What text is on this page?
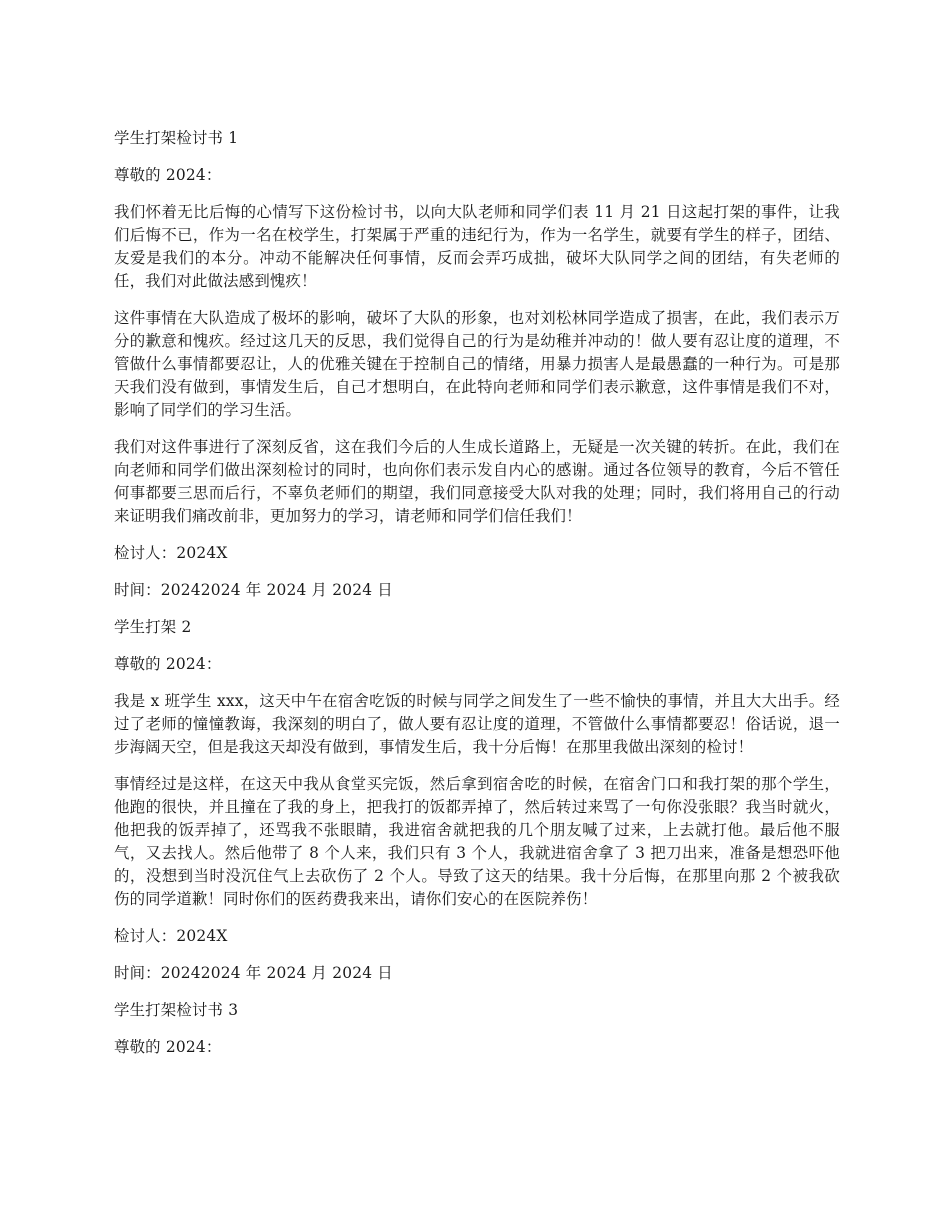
学生打架检讨书 1
尊敬的 2024：
我们怀着无比后悔的心情写下这份检讨书，以向大队老师和同学们表 11 月 21 日这起打架的事件，让我们后悔不已，作为一名在校学生，打架属于严重的违纪行为，作为一名学生，就要有学生的样子，团结、友爱是我们的本分。冲动不能解决任何事情，反而会弄巧成拙，破坏大队同学之间的团结，有失老师的任，我们对此做法感到愧疚！
这件事情在大队造成了极坏的影响，破坏了大队的形象，也对刘松林同学造成了损害，在此，我们表示万分的歉意和愧疚。经过这几天的反思，我们觉得自己的行为是幼稚并冲动的！做人要有忍让度的道理，不管做什么事情都要忍让，人的优雅关键在于控制自己的情绪，用暴力损害人是最愚蠢的一种行为。可是那天我们没有做到，事情发生后，自己才想明白，在此特向老师和同学们表示歉意，这件事情是我们不对，影响了同学们的学习生活。
我们对这件事进行了深刻反省，这在我们今后的人生成长道路上，无疑是一次关键的转折。在此，我们在向老师和同学们做出深刻检讨的同时，也向你们表示发自内心的感谢。通过各位领导的教育，今后不管任何事都要三思而后行，不辜负老师们的期望，我们同意接受大队对我的处理；同时，我们将用自己的行动来证明我们痛改前非，更加努力的学习，请老师和同学们信任我们！
检讨人：2024X
时间：20242024 年 2024 月 2024 日
学生打架 2
尊敬的 2024：
我是 x 班学生 xxx，这天中午在宿舍吃饭的时候与同学之间发生了一些不愉快的事情，并且大大出手。经过了老师的憧憧教诲，我深刻的明白了，做人要有忍让度的道理，不管做什么事情都要忍！俗话说，退一步海阔天空，但是我这天却没有做到，事情发生后，我十分后悔！在那里我做出深刻的检讨！
事情经过是这样，在这天中我从食堂买完饭，然后拿到宿舍吃的时候，在宿舍门口和我打架的那个学生，他跑的很快，并且撞在了我的身上，把我打的饭都弄掉了，然后转过来骂了一句你没张眼？我当时就火，他把我的饭弄掉了，还骂我不张眼睛，我进宿舍就把我的几个朋友喊了过来，上去就打他。最后他不服气，又去找人。然后他带了 8 个人来，我们只有 3 个人，我就进宿舍拿了 3 把刀出来，准备是想恐吓他的，没想到当时没沉住气上去砍伤了 2 个人。导致了这天的结果。我十分后悔，在那里向那 2 个被我砍伤的同学道歉！同时你们的医药费我来出，请你们安心的在医院养伤！
检讨人：2024X
时间：20242024 年 2024 月 2024 日
学生打架检讨书 3
尊敬的 2024：
